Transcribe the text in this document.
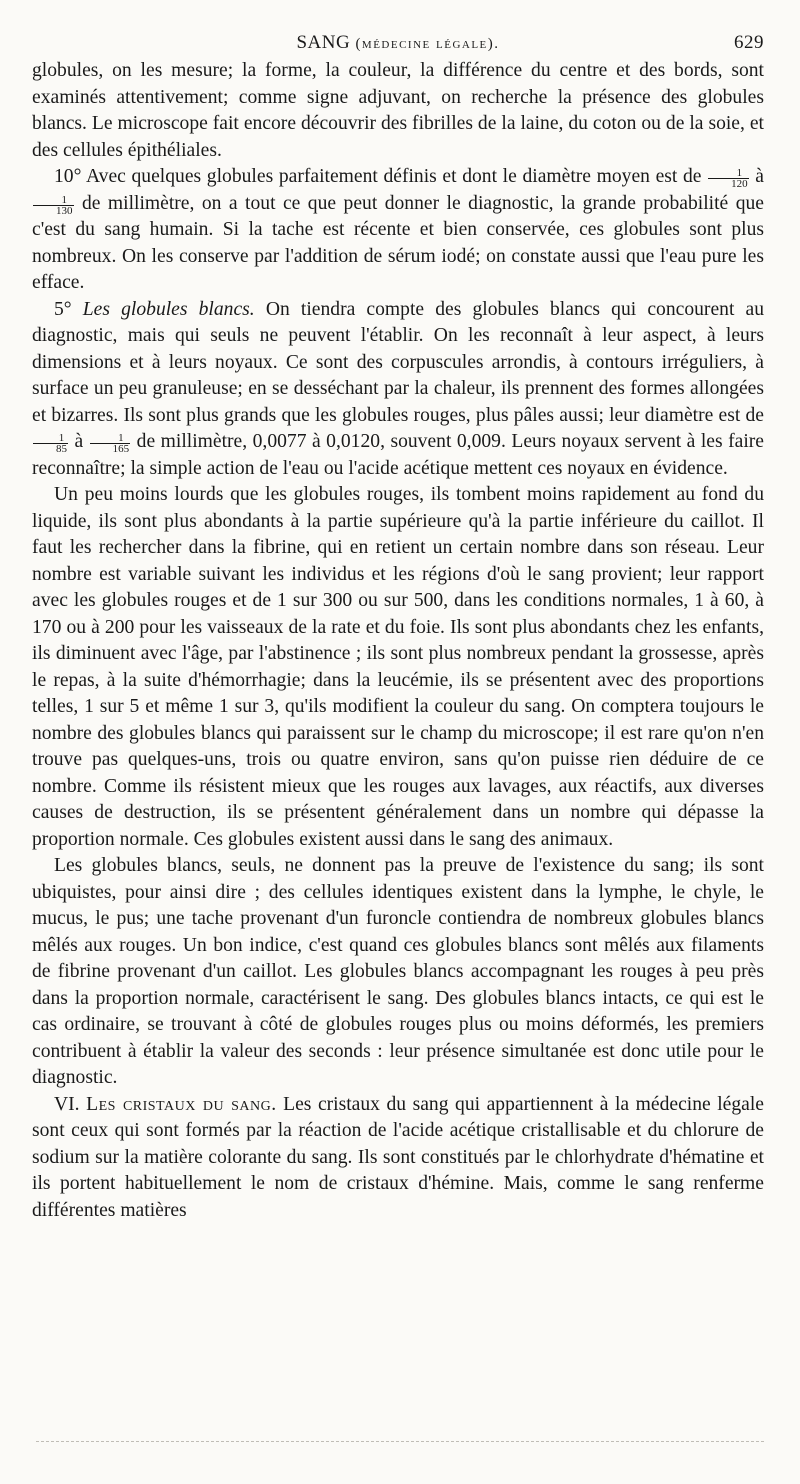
SANG (médecine légale).	629

globules, on les mesure; la forme, la couleur, la différence du centre et des bords, sont examinés attentivement; comme signe adjuvant, on recherche la présence des globules blancs. Le microscope fait encore découvrir des fibrilles de la laine, du coton ou de la soie, et des cellules épithéliales.

10° Avec quelques globules parfaitement définis et dont le diamètre moyen est de $\frac{1}{120}$ à
$\frac{1}{130}$ de millimètre, on a tout ce que peut donner le diagnostic, la grande probabilité que c'est du sang humain. Si la tache est récente et bien conservée, ces globules sont plus nombreux. On les conserve par l'addition de sérum iodé; on constate aussi que l'eau pure les efface.

5° Les globules blancs. On tiendra compte des globules blancs qui concourent au diagnostic, mais qui seuls ne peuvent l'établir. On les reconnaît à leur aspect, à leurs dimensions et à leurs noyaux. Ce sont des corpuscules arrondis, à contours irréguliers, à surface un peu granuleuse; en se desséchant par la chaleur, ils prennent des formes allongées et bizarres. Ils sont plus grands que les globules rouges, plus pâles aussi; leur diamètre est de
$\frac{1}{85}$ à $\frac{1}{165}$ de millimètre, 0,0077 à 0,0120, souvent 0,009. Leurs noyaux servent à les faire reconnaître; la simple action de l'eau ou l'acide acétique mettent ces noyaux en évidence.

Un peu moins lourds que les globules rouges, ils tombent moins rapidement au fond du liquide, ils sont plus abondants à la partie supérieure qu'à la partie inférieure du caillot. Il faut les rechercher dans la fibrine, qui en retient un certain nombre dans son réseau. Leur nombre est variable suivant les individus et les régions d'où le sang provient; leur rapport avec les globules rouges et de 1 sur 300 ou sur 500, dans les conditions normales, 1 à 60, à 170 ou à 200 pour les vaisseaux de la rate et du foie. Ils sont plus abondants chez les enfants, ils diminuent avec l'âge, par l'abstinence ; ils sont plus nombreux pendant la grossesse, après le repas, à la suite d'hémorrhagie; dans la leucémie, ils se présentent avec des proportions telles, 1 sur 5 et même 1 sur 3, qu'ils modifient la couleur du sang. On comptera toujours le nombre des globules blancs qui paraissent sur le champ du microscope; il est rare qu'on n'en trouve pas quelques-uns, trois ou quatre environ, sans qu'on puisse rien déduire de ce nombre. Comme ils résistent mieux que les rouges aux lavages, aux réactifs, aux diverses causes de destruction, ils se présentent généralement dans un nombre qui dépasse la proportion normale. Ces globules existent aussi dans le sang des animaux.

Les globules blancs, seuls, ne donnent pas la preuve de l'existence du sang; ils sont ubiquistes, pour ainsi dire ; des cellules identiques existent dans la lymphe, le chyle, le mucus, le pus; une tache provenant d'un furoncle contiendra de nombreux globules blancs mêlés aux rouges. Un bon indice, c'est quand ces globules blancs sont mêlés aux filaments de fibrine provenant d'un caillot. Les globules blancs accompagnant les rouges à peu près dans la proportion normale, caractérisent le sang. Des globules blancs intacts, ce qui est le cas ordinaire, se trouvant à côté de globules rouges plus ou moins déformés, les premiers contribuent à établir la valeur des seconds : leur présence simultanée est donc utile pour le diagnostic.

VI. Les cristaux du sang. Les cristaux du sang qui appartiennent à la médecine légale sont ceux qui sont formés par la réaction de l'acide acétique cristallisable et du chlorure de sodium sur la matière colorante du sang. Ils sont constitués par le chlorhydrate d'hématine et ils portent habituellement le nom de cristaux d'hémine. Mais, comme le sang renferme différentes matières
